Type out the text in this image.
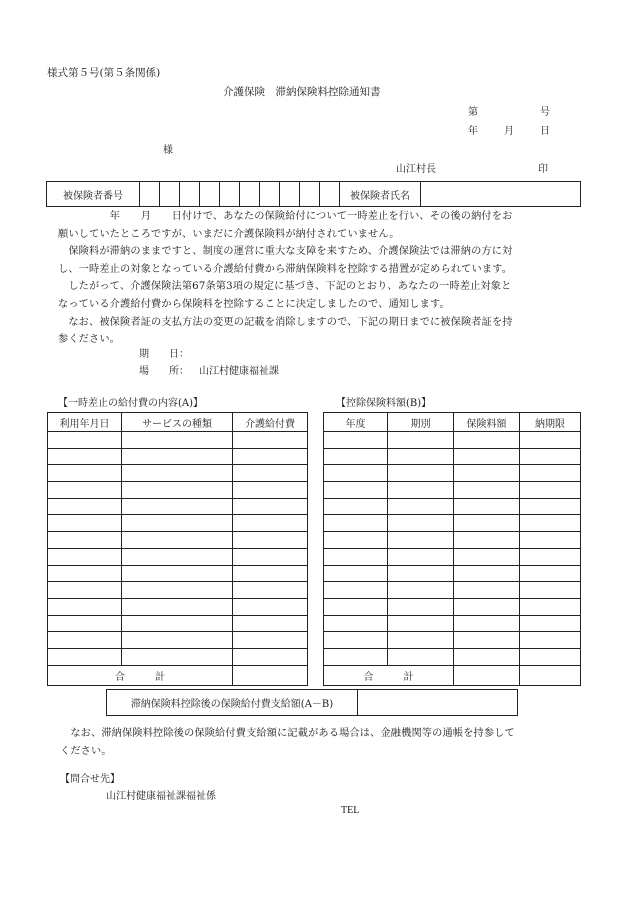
様式第５号(第５条関係)
介護保険　滞納保険料控除通知書
第	号
年	月	日
様
山江村長	印
被保険者番号											被保険者氏名	
　　　　　年　　月　　日付けで、あなたの保険給付について一時差止を行い、その後の納付をお
願いしていたところですが、いまだに介護保険料が納付されていません。
　保険料が滞納のままですと、制度の運営に重大な支障を来すため、介護保険法では滞納の方に対
し、一時差止の対象となっている介護給付費から滞納保険料を控除する措置が定められています。
　したがって、介護保険法第67条第3項の規定に基づき、下記のとおり、あなたの一時差止対象と
なっている介護給付費から保険料を控除することに決定しましたので、通知します。
　なお、被保険者証の支払方法の変更の記載を消除しますので、下記の期日までに被保険者証を持
参ください。
期　　日：
場　　所： 山江村健康福祉課
【一時差止の給付費の内容(A)】	【控除保険料額(B)】
利用年月日	サービスの種類	介護給付費

合　　　計		
年度	期別	保険料額	納期限

合　　　計			
滞納保険料控除後の保険給付費支給額(A－B)	
　なお、滞納保険料控除後の保険給付費支給額に記載がある場合は、金融機関等の通帳を持参して
ください。
【問合せ先】
山江村健康福祉課福祉係
TEL
